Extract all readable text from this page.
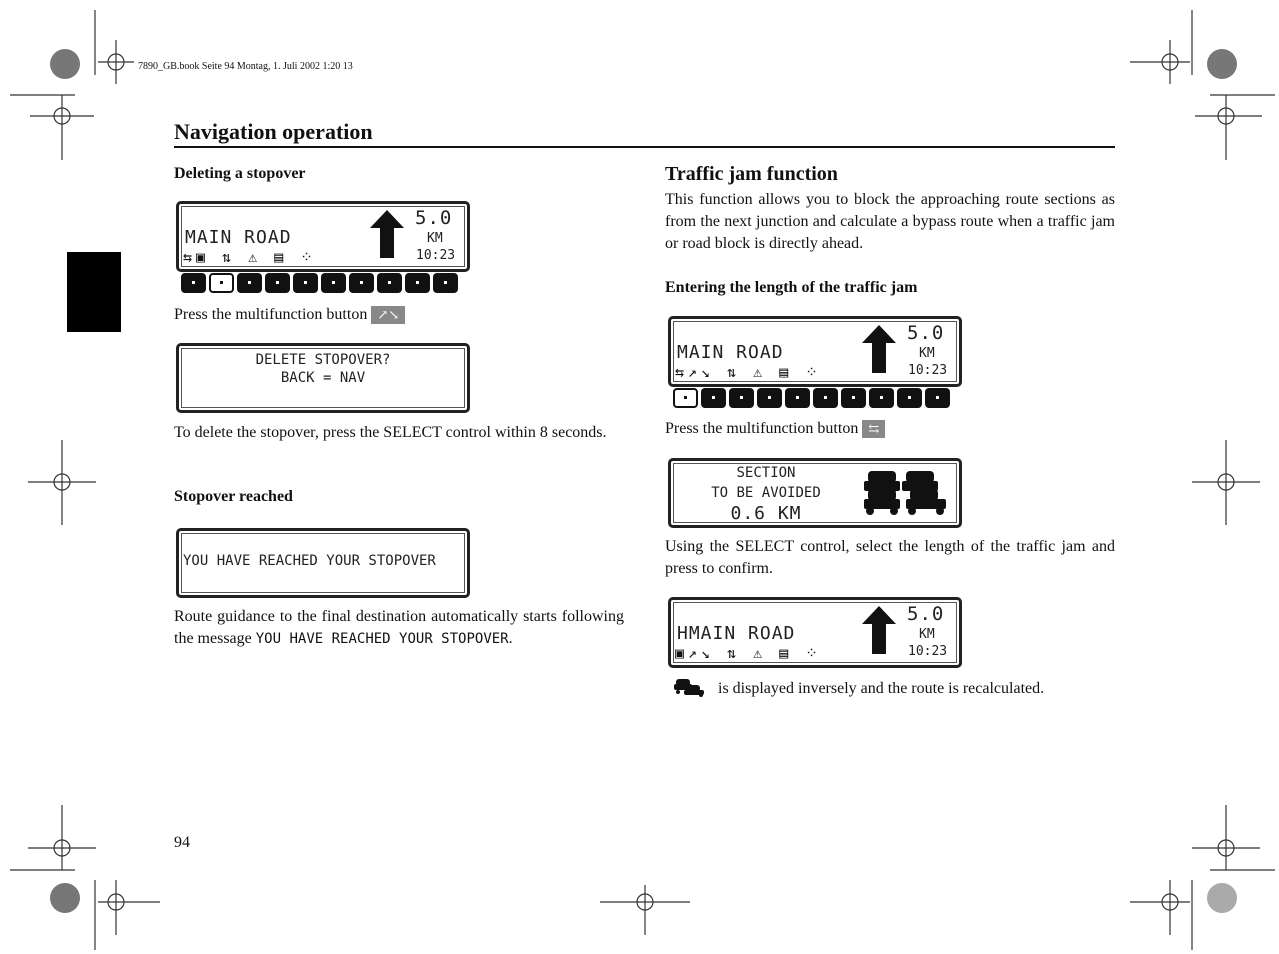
7890_GB.book Seite 94 Montag, 1. Juli 2002 1:20 13
Navigation operation
Deleting a stopover
MAIN ROAD
⇆▣ ⇅ ⚠ ▤ ⁘
5.0
KM
10:23
Press the multifunction button ↗↘
DELETE STOPOVER?
BACK = NAV
To delete the stopover, press the SELECT control within 8 seconds.
Stopover reached
YOU HAVE REACHED YOUR STOPOVER
Route guidance to the final destination automatically starts following the message YOU HAVE REACHED YOUR STOPOVER.
94
Traffic jam function
This function allows you to block the approaching route sections as from the next junction and calculate a bypass route when a traffic jam or road block is directly ahead.
Entering the length of the traffic jam
MAIN ROAD
⇆↗↘ ⇅ ⚠ ▤ ⁘
5.0
KM
10:23
Press the multifunction button ⇆
SECTION
TO BE AVOIDED
0.6 KM
Using the SELECT control, select the length of the traffic jam and press to confirm.
HMAIN ROAD
▣↗↘ ⇅ ⚠ ▤ ⁘
5.0
KM
10:23
is displayed inversely and the route is recalculated.
